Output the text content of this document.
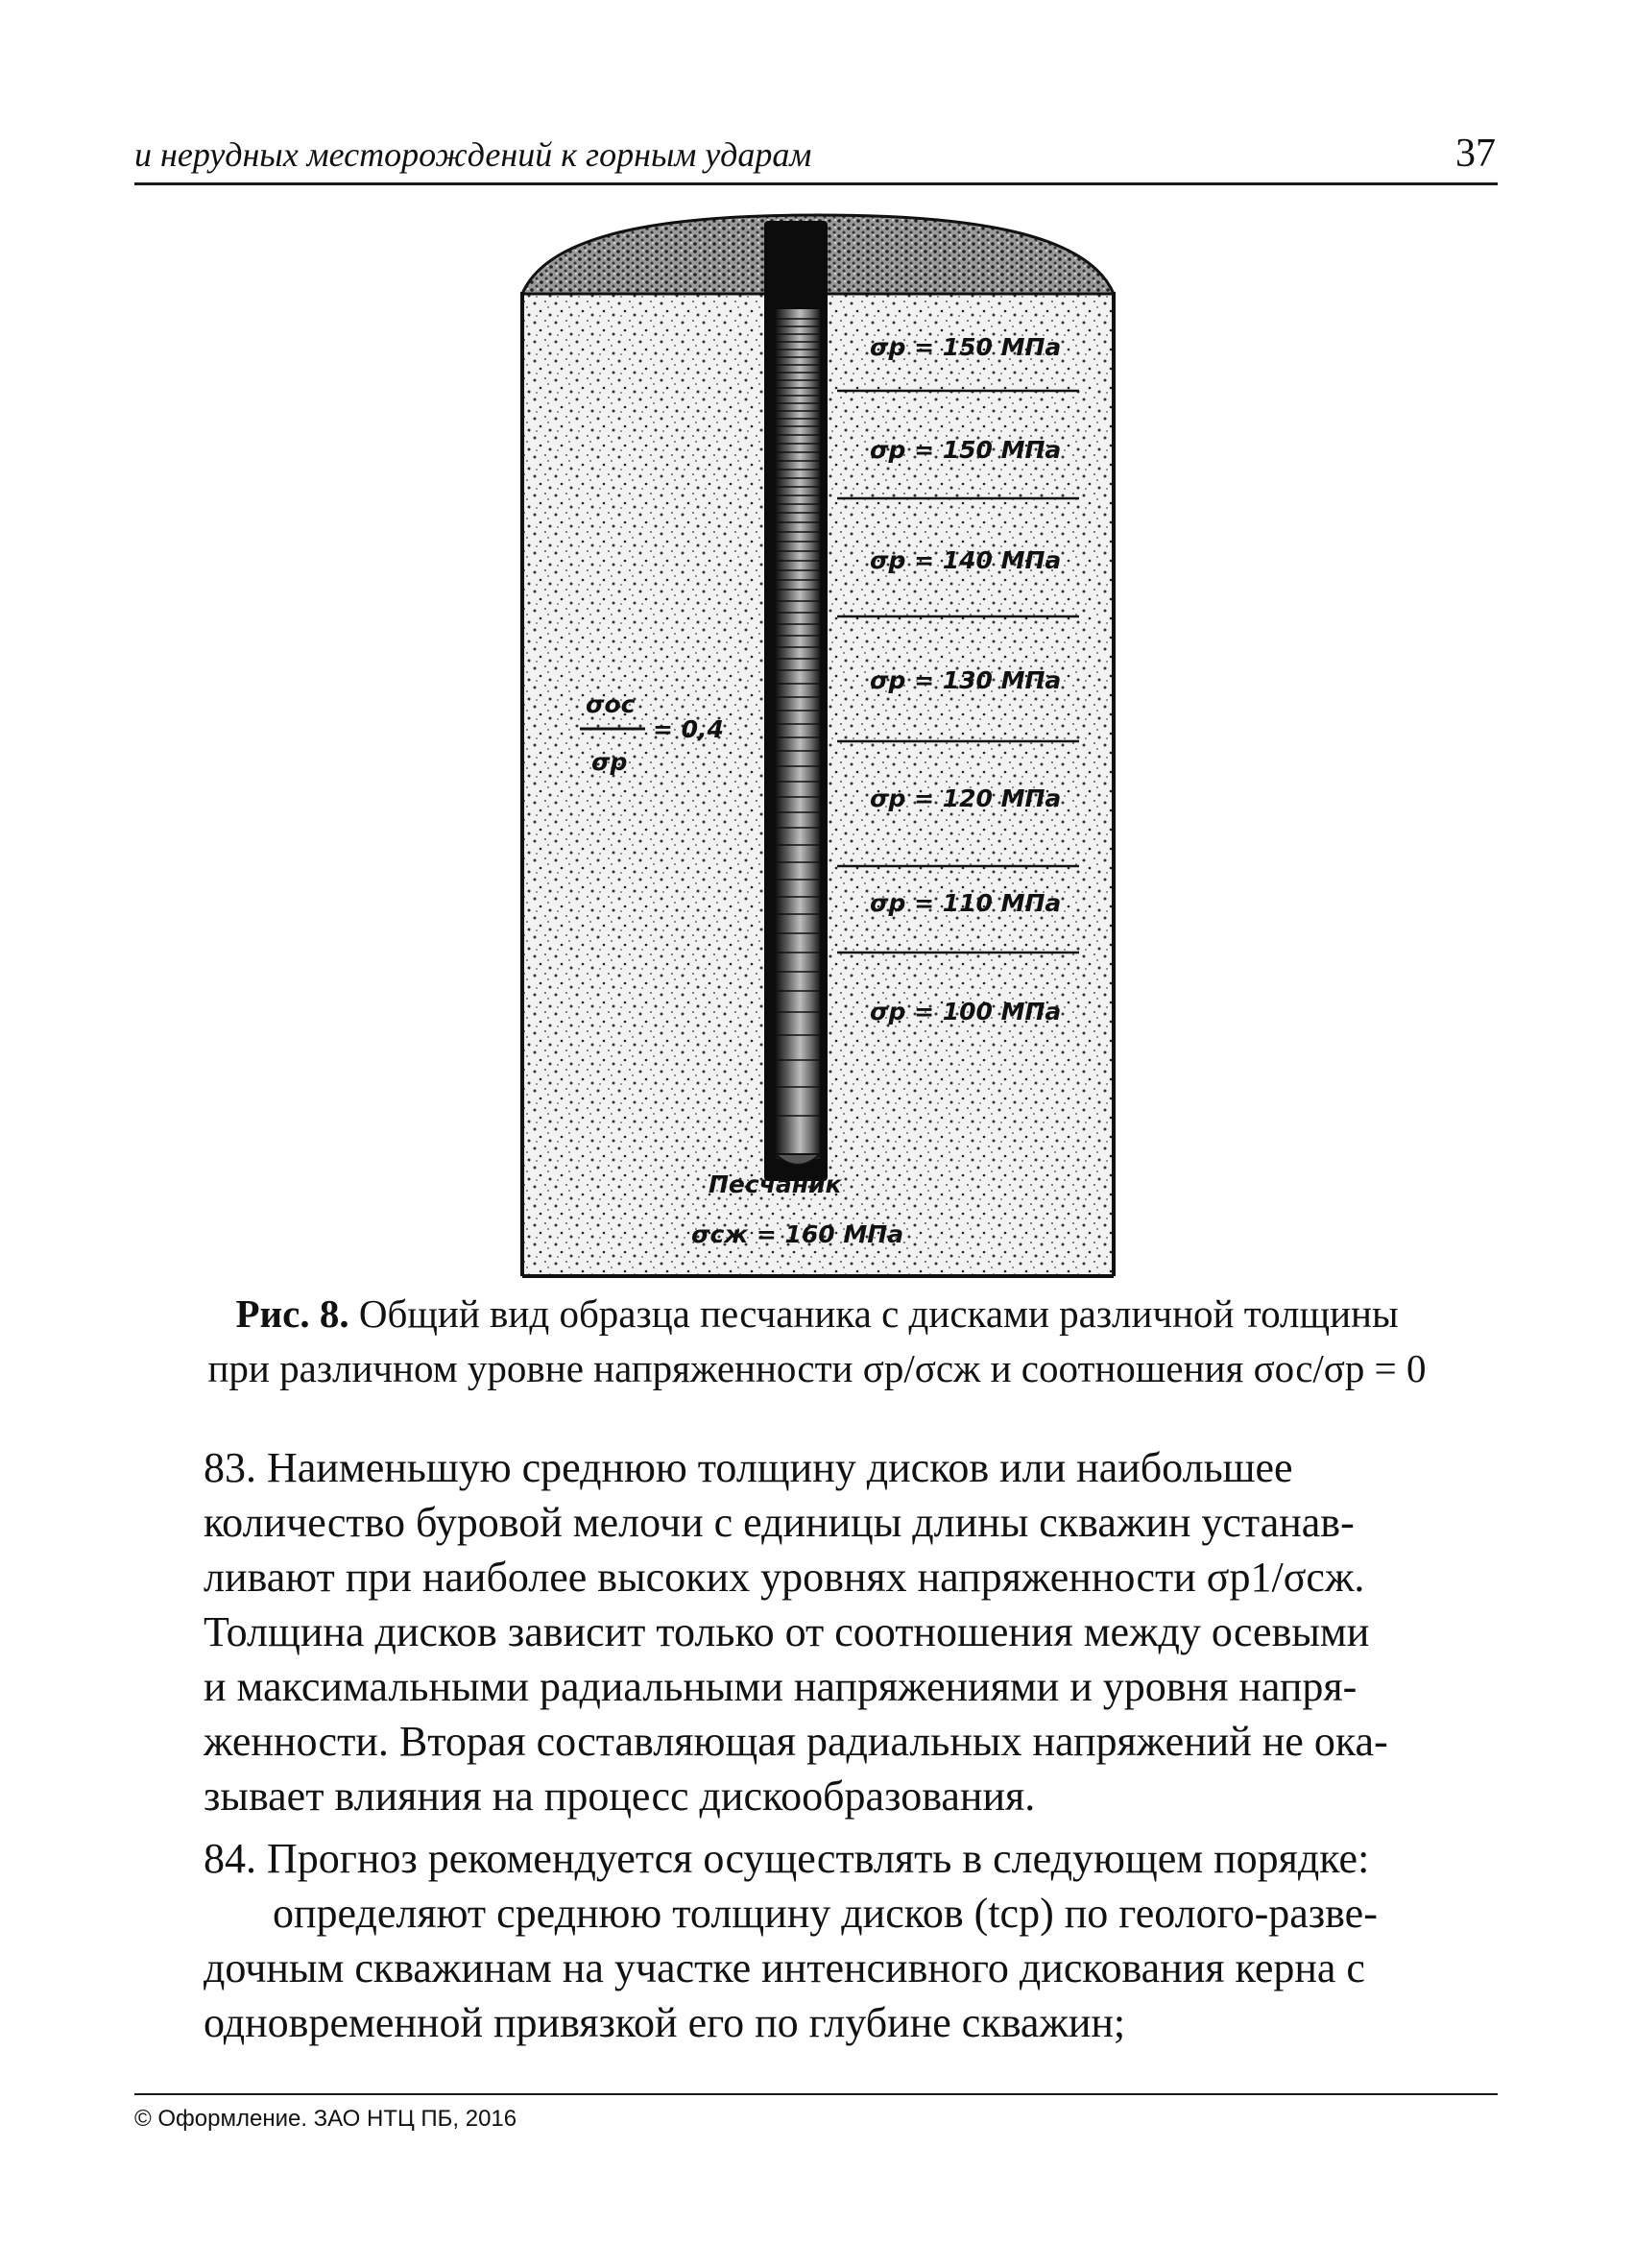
и нерудных месторождений к горным ударам	37
σр = 150 МПа
σр = 150 МПа
σр = 140 МПа
σр = 130 МПа
σр = 120 МПа
σр = 110 МПа
σр = 100 МПа
σос
σр
= 0,4
Песчаник
σсж = 160 МПа
Рис. 8. Общий вид образца песчаника с дисками различной толщины
при различном уровне напряженности σр/σсж и соотношения σос/σр = 0
83. Наименьшую среднюю толщину дисков или наибольшее
количество буровой мелочи с единицы длины скважин устанав-
ливают при наиболее высоких уровнях напряженности σр1/σсж.
Толщина дисков зависит только от соотношения между осевыми
и максимальными радиальными напряжениями и уровня напря-
женности. Вторая составляющая радиальных напряжений не ока-
зывает влияния на процесс дискообразования.
84. Прогноз рекомендуется осуществлять в следующем порядке:
определяют среднюю толщину дисков (tср) по геолого-разве-
дочным скважинам на участке интенсивного дискования керна с
одновременной привязкой его по глубине скважин;
© Оформление. ЗАО НТЦ ПБ, 2016
